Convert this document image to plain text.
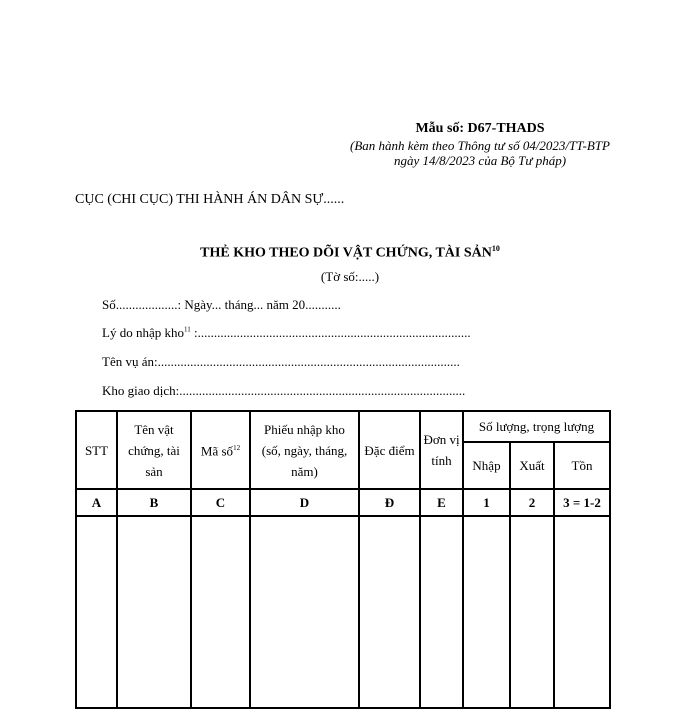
Mẫu số: D67-THADS
(Ban hành kèm theo Thông tư số 04/2023/TT-BTP
ngày 14/8/2023 của Bộ Tư pháp)
CỤC (CHI CỤC) THI HÀNH ÁN DÂN SỰ......
THẺ KHO THEO DÕI VẬT CHỨNG, TÀI SẢN$^{10}$
(Tờ số:.....)
Số...................: Ngày... tháng... năm 20...........
Lý do nhập kho$^{11}$ :....................................................................................
Tên vụ án:.............................................................................................
Kho giao dịch:........................................................................................
STT	Tên vật chứng, tài sản	Mã số$^{12}$	Phiếu nhập kho (số, ngày, tháng, năm)	Đặc điểm	Đơn vị tính	Số lượng, trọng lượng		
						Nhập	Xuất	Tồn
A	B	C	D	Đ	E	1	2	3 = 1-2
